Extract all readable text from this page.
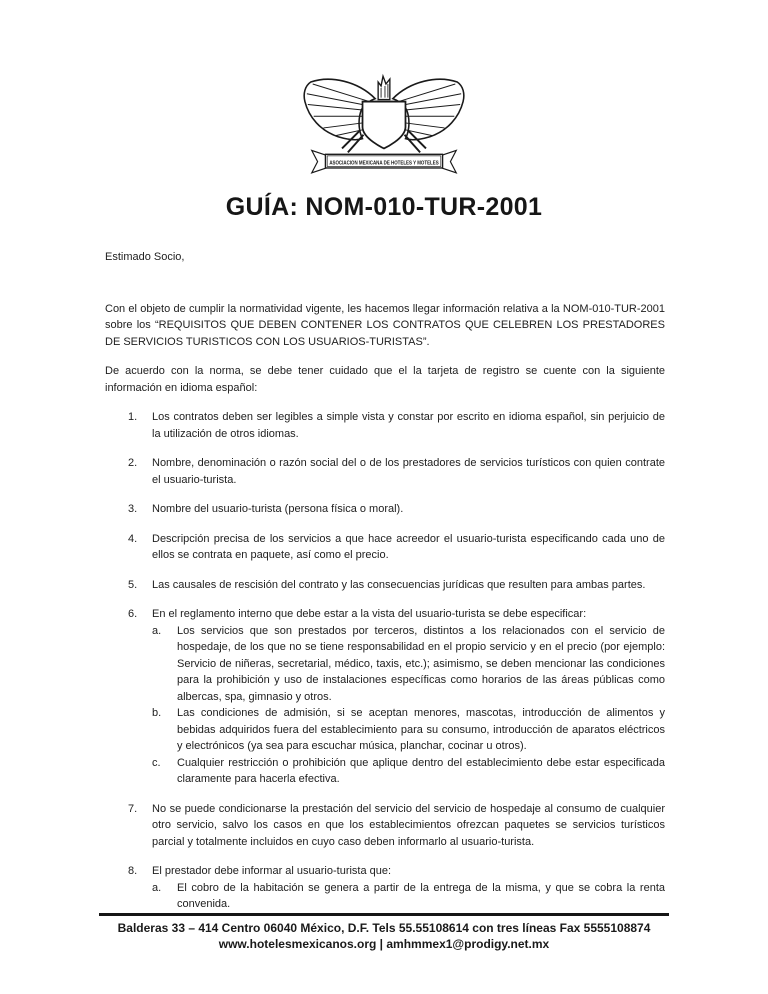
ASOCIACION MEXICANA DE HOTELES Y MOTELES
GUÍA: NOM-010-TUR-2001

Estimado Socio,

Con el objeto de cumplir la normatividad vigente, les hacemos llegar información relativa a la NOM-010-TUR-2001 sobre los “REQUISITOS QUE DEBEN CONTENER LOS CONTRATOS QUE CELEBREN LOS PRESTADORES DE SERVICIOS TURISTICOS CON LOS USUARIOS-TURISTAS”.

De acuerdo con la norma, se debe tener cuidado que el la tarjeta de registro se cuente con la siguiente información en idioma español:

1.	Los contratos deben ser legibles a simple vista y constar por escrito en idioma español, sin perjuicio de la utilización de otros idiomas.
2.	Nombre, denominación o razón social del o de los prestadores de servicios turísticos con quien contrate el usuario-turista.
3.	Nombre del usuario-turista (persona física o moral).
4.	Descripción precisa de los servicios a que hace acreedor el usuario-turista especificando cada uno de ellos se contrata en paquete, así como el precio.
5.	Las causales de rescisión del contrato y las consecuencias jurídicas que resulten para ambas partes.
6.	En el reglamento interno que debe estar a la vista del usuario-turista se debe especificar:
a.	Los servicios que son prestados por terceros, distintos a los relacionados con el servicio de hospedaje, de los que no se tiene responsabilidad en el propio servicio y en el precio (por ejemplo: Servicio de niñeras, secretarial, médico, taxis, etc.); asimismo, se deben mencionar las condiciones para la prohibición y uso de instalaciones específicas como horarios de las áreas públicas como albercas, spa, gimnasio y otros.
b.	Las condiciones de admisión, si se aceptan menores, mascotas, introducción de alimentos y bebidas adquiridos fuera del establecimiento para su consumo, introducción de aparatos eléctricos y electrónicos (ya sea para escuchar música, planchar, cocinar u otros).
c.	Cualquier restricción o prohibición que aplique dentro del establecimiento debe estar especificada claramente para hacerla efectiva.
7.	No se puede condicionarse la prestación del servicio del servicio de hospedaje al consumo de cualquier otro servicio, salvo los casos en que los establecimientos ofrezcan paquetes se servicios turísticos parcial y totalmente incluidos en cuyo caso deben informarlo al usuario-turista.
8.	El prestador debe informar al usuario-turista que:
a.	El cobro de la habitación se genera a partir de la entrega de la misma, y que se cobra la renta convenida.
Balderas 33 – 414 Centro 06040 México, D.F. Tels 55.55108614 con tres líneas Fax 5555108874
www.hotelesmexicanos.org | amhmmex1@prodigy.net.mx
